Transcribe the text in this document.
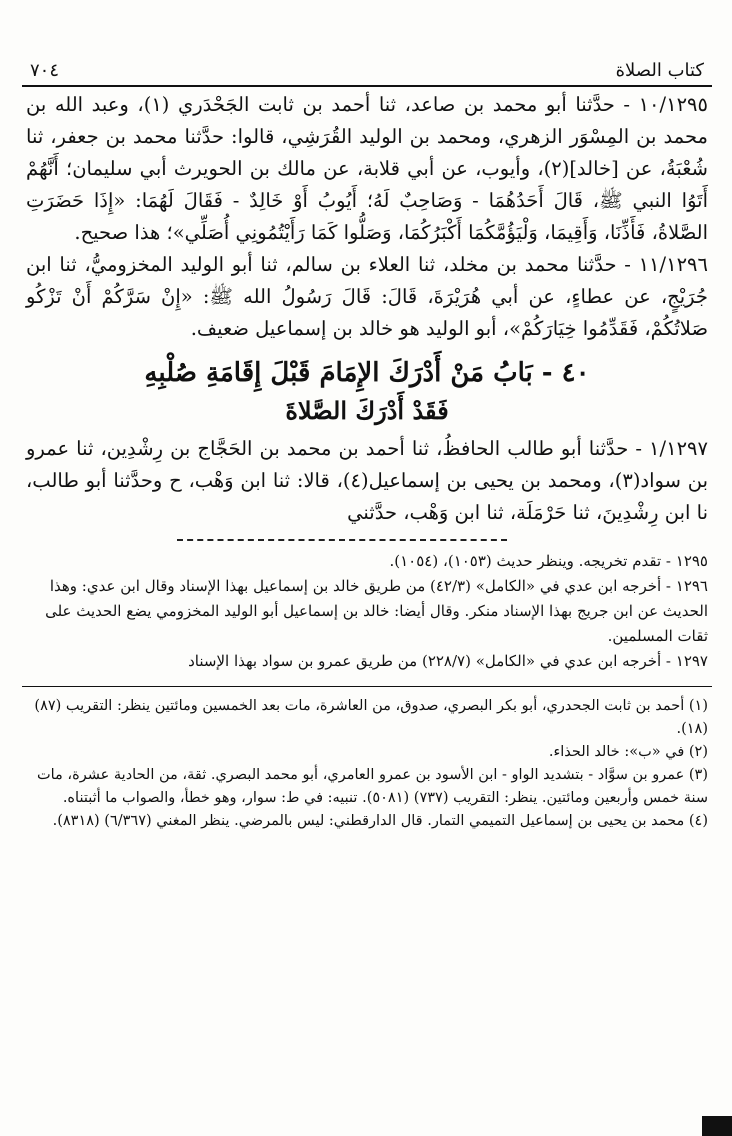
كتاب الصلاة
٧٠٤

١٠/١٢٩٥ - حدَّثنا أبو محمد بن صاعد، ثنا أحمد بن ثابت الجَحْدَري (١)، وعبد الله بن محمد بن المِسْوَر الزهري، ومحمد بن الوليد القُرَشِي، قالوا: حدَّثنا محمد بن جعفر، ثنا شُعْبَةُ، عن [خالد](٢)، وأيوب، عن أبي قلابة، عن مالك بن الحويرث أبي سليمان؛ أَنَّهُمْ أَتَوُا النبي ﷺ، قَالَ أَحَدُهُمَا - وَصَاحِبٌ لَهُ؛ أَيُوبُ أَوْ خَالِدٌ - فَقَالَ لَهُمَا: «إِذَا حَضَرَتِ الصَّلاةُ، فَأَذِّنَا، وَأَقِيمَا، وَلْيَؤُمَّكُمَا أَكْبَرُكُمَا، وَصَلُّوا كَمَا رَأَيْتُمُونِي أُصَلِّي»؛ هذا صحيح.

١١/١٢٩٦ - حدَّثنا محمد بن مخلد، ثنا العلاء بن سالم، ثنا أبو الوليد المخزوميُّ، ثنا ابن جُرَيْجٍ، عن عطاءٍ، عن أبي هُرَيْرَةَ، قَالَ: قَالَ رَسُولُ الله ﷺ: «إِنْ سَرَّكُمْ أَنْ تَزْكُو صَلاتُكُمْ، فَقَدِّمُوا خِيَارَكُمْ»، أبو الوليد هو خالد بن إسماعيل ضعيف.

٤٠ - بَابُ مَنْ أَدْرَكَ الإِمَامَ قَبْلَ إِقَامَةِ صُلْبِهِ
فَقَدْ أَدْرَكَ الصَّلاةَ

١/١٢٩٧ - حدَّثنا أبو طالب الحافظُ، ثنا أحمد بن محمد بن الحَجَّاج بن رِشْدِين، ثنا عمرو بن سواد(٣)، ومحمد بن يحيى بن إسماعيل(٤)، قالا: ثنا ابن وَهْب، ح وحدَّثنا أبو طالب، نا ابن رِشْدِينَ، ثنا حَرْمَلَة، ثنا ابن وَهْب، حدَّثني

١٢٩٥ - تقدم تخريجه. وينظر حديث (١٠٥٣)، (١٠٥٤).

١٢٩٦ - أخرجه ابن عدي في «الكامل» (٤٢/٣) من طريق خالد بن إسماعيل بهذا الإسناد وقال ابن عدي: وهذا الحديث عن ابن جريج بهذا الإسناد منكر. وقال أيضا: خالد بن إسماعيل أبو الوليد المخزومي يضع الحديث على ثقات المسلمين.

١٢٩٧ - أخرجه ابن عدي في «الكامل» (٢٢٨/٧) من طريق عمرو بن سواد بهذا الإسناد

(١) أحمد بن ثابت الجحدري، أبو بكر البصري، صدوق، من العاشرة، مات بعد الخمسين ومائتين ينظر: التقريب (٨٧) (١٨).

(٢) في «ب»: خالد الحذاء.

(٣) عمرو بن سوَّاد - بتشديد الواو - ابن الأسود بن عمرو العامري، أبو محمد البصري. ثقة، من الحادية عشرة، مات سنة خمس وأربعين ومائتين. ينظر: التقريب (٧٣٧) (٥٠٨١). تنبيه: في ط: سوار، وهو خطأ، والصواب ما أثبتناه.

(٤) محمد بن يحيى بن إسماعيل التميمي التمار. قال الدارقطني: ليس بالمرضي. ينظر المغني (٦/٣٦٧) (٨٣١٨).
